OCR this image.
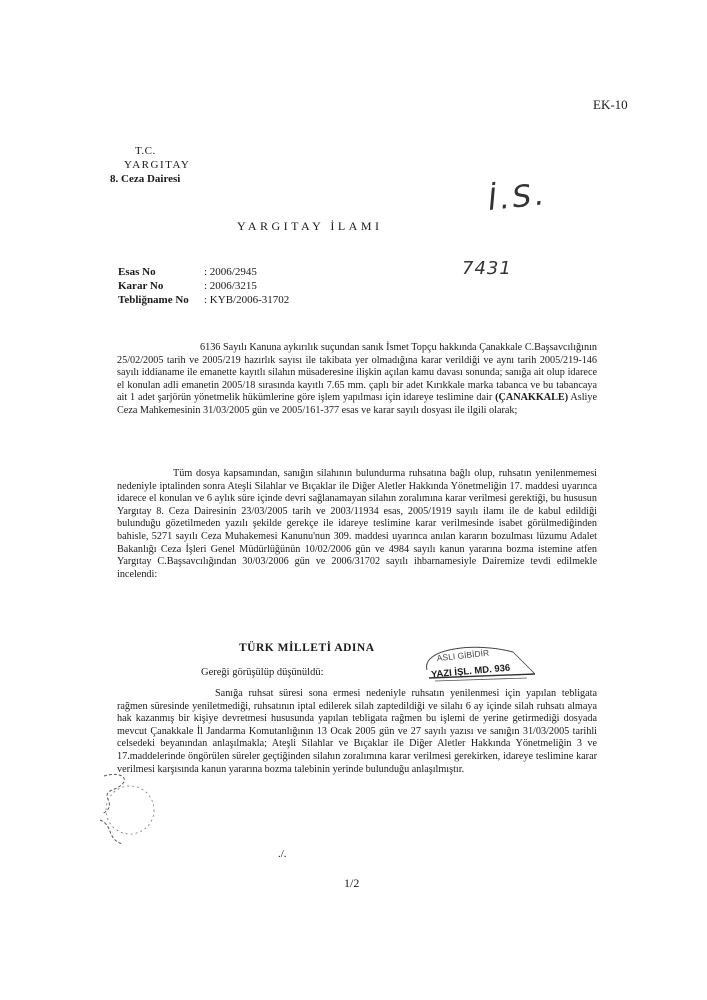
EK-10
T.C.
YARGITAY
8. Ceza Dairesi	İ.S.
7431
YARGITAY İLAMI
Esas No	: 2006/2945
Karar No	: 2006/3215
Tebliğname No	: KYB/2006-31702
6136 Sayılı Kanuna aykırılık suçundan sanık İsmet Topçu hakkında Çanakkale C.Başsavcılığının 25/02/2005 tarih ve 2005/219 hazırlık sayısı ile takibata yer olmadığına karar verildiği ve aynı tarih 2005/219-146 sayılı iddianame ile emanette kayıtlı silahın müsaderesine ilişkin açılan kamu davası sonunda; sanığa ait olup idarece el konulan adli emanetin 2005/18 sırasında kayıtlı 7.65 mm. çaplı bir adet Kırıkkale marka tabanca ve bu tabancaya ait 1 adet şarjörün yönetmelik hükümlerine göre işlem yapılması için idareye teslimine dair (ÇANAKKALE) Asliye Ceza Mahkemesinin 31/03/2005 gün ve 2005/161-377 esas ve karar sayılı dosyası ile ilgili olarak;
Tüm dosya kapsamından, sanığın silahının bulundurma ruhsatına bağlı olup, ruhsatın yenilenmemesi nedeniyle iptalinden sonra Ateşli Silahlar ve Bıçaklar ile Diğer Aletler Hakkında Yönetmeliğin 17. maddesi uyarınca idarece el konulan ve 6 aylık süre içinde devri sağlanamayan silahın zoralımına karar verilmesi gerektiği, bu hususun Yargıtay 8. Ceza Dairesinin 23/03/2005 tarih ve 2003/11934 esas, 2005/1919 sayılı ilamı ile de kabul edildiği bulunduğu gözetilmeden yazılı şekilde gerekçe ile idareye teslimine karar verilmesinde isabet görülmediğinden bahisle, 5271 sayılı Ceza Muhakemesi Kanunu'nun 309. maddesi uyarınca anılan kararın bozulması lüzumu Adalet Bakanlığı Ceza İşleri Genel Müdürlüğünün 10/02/2006 gün ve 4984 sayılı kanun yararına bozma istemine atfen Yargıtay C.Başsavcılığından 30/03/2006 gün ve 2006/31702 sayılı ihbarnamesiyle Dairemize tevdi edilmekle incelendi:
TÜRK MİLLETİ ADINA
Gereği görüşülüp düşünüldü:
ASLI GİBİDİR
YAZI İŞL. MD. 936
Sanığa ruhsat süresi sona ermesi nedeniyle ruhsatın yenilenmesi için yapılan tebligata rağmen süresinde yeniletmediği, ruhsatının iptal edilerek silah zaptedildiği ve silahı 6 ay içinde silah ruhsatı almaya hak kazanmış bir kişiye devretmesi hususunda yapılan tebligata rağmen bu işlemi de yerine getirmediği dosyada mevcut Çanakkale İl Jandarma Komutanlığının 13 Ocak 2005 gün ve 27 sayılı yazısı ve sanığın 31/03/2005 tarihli celsedeki beyanından anlaşılmakla; Ateşli Silahlar ve Bıçaklar ile Diğer Aletler Hakkında Yönetmeliğin 3 ve 17.maddelerinde öngörülen süreler geçtiğinden silahın zoralımına karar verilmesi gerekirken, idareye teslimine karar verilmesi karşısında kanun yararına bozma talebinin yerinde bulunduğu anlaşılmıştır.
./.
1/2
